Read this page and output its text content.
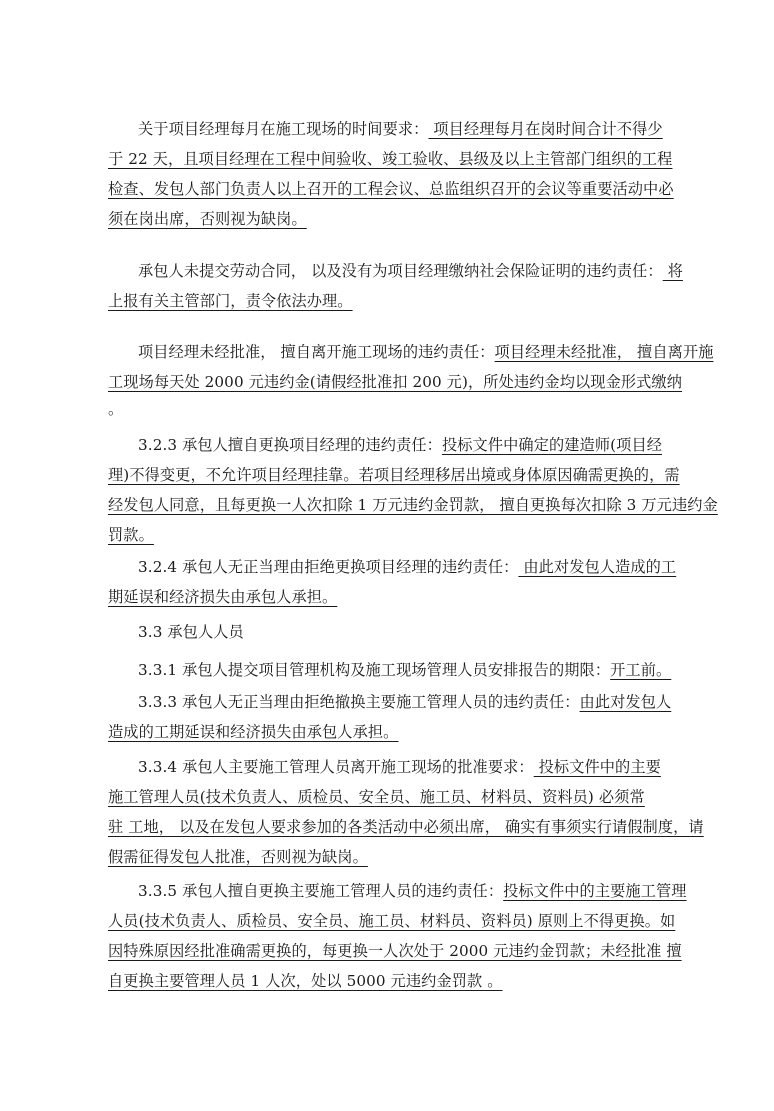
关于项目经理每月在施工现场的时间要求： 项目经理每月在岗时间合计不得少
于 22 天，且项目经理在工程中间验收、竣工验收、县级及以上主管部门组织的工程
检查、发包人部门负责人以上召开的工程会议、总监组织召开的会议等重要活动中必
须在岗出席，否则视为缺岗。
承包人未提交劳动合同， 以及没有为项目经理缴纳社会保险证明的违约责任： 将
上报有关主管部门，责令依法办理。
项目经理未经批准， 擅自离开施工现场的违约责任：项目经理未经批准， 擅自离开施
工现场每天处 2000 元违约金(请假经批准扣 200 元)，所处违约金均以现金形式缴纳
。
3.2.3 承包人擅自更换项目经理的违约责任：投标文件中确定的建造师(项目经
理)不得变更，不允许项目经理挂靠。若项目经理移居出境或身体原因确需更换的，需
经发包人同意，且每更换一人次扣除 1 万元违约金罚款， 擅自更换每次扣除 3 万元违约金
罚款。
3.2.4 承包人无正当理由拒绝更换项目经理的违约责任： 由此对发包人造成的工
期延误和经济损失由承包人承担。
3.3 承包人人员
3.3.1 承包人提交项目管理机构及施工现场管理人员安排报告的期限：开工前。
3.3.3 承包人无正当理由拒绝撤换主要施工管理人员的违约责任：由此对发包人
造成的工期延误和经济损失由承包人承担。
3.3.4 承包人主要施工管理人员离开施工现场的批准要求： 投标文件中的主要
施工管理人员(技术负责人、质检员、安全员、施工员、材料员、资料员) 必须常
驻 工地， 以及在发包人要求参加的各类活动中必须出席， 确实有事须实行请假制度，请
假需征得发包人批准，否则视为缺岗。
3.3.5 承包人擅自更换主要施工管理人员的违约责任：投标文件中的主要施工管理
人员(技术负责人、质检员、安全员、施工员、材料员、资料员) 原则上不得更换。如
因特殊原因经批准确需更换的，每更换一人次处于 2000 元违约金罚款；未经批准 擅
自更换主要管理人员 1 人次，处以 5000 元违约金罚款 。
